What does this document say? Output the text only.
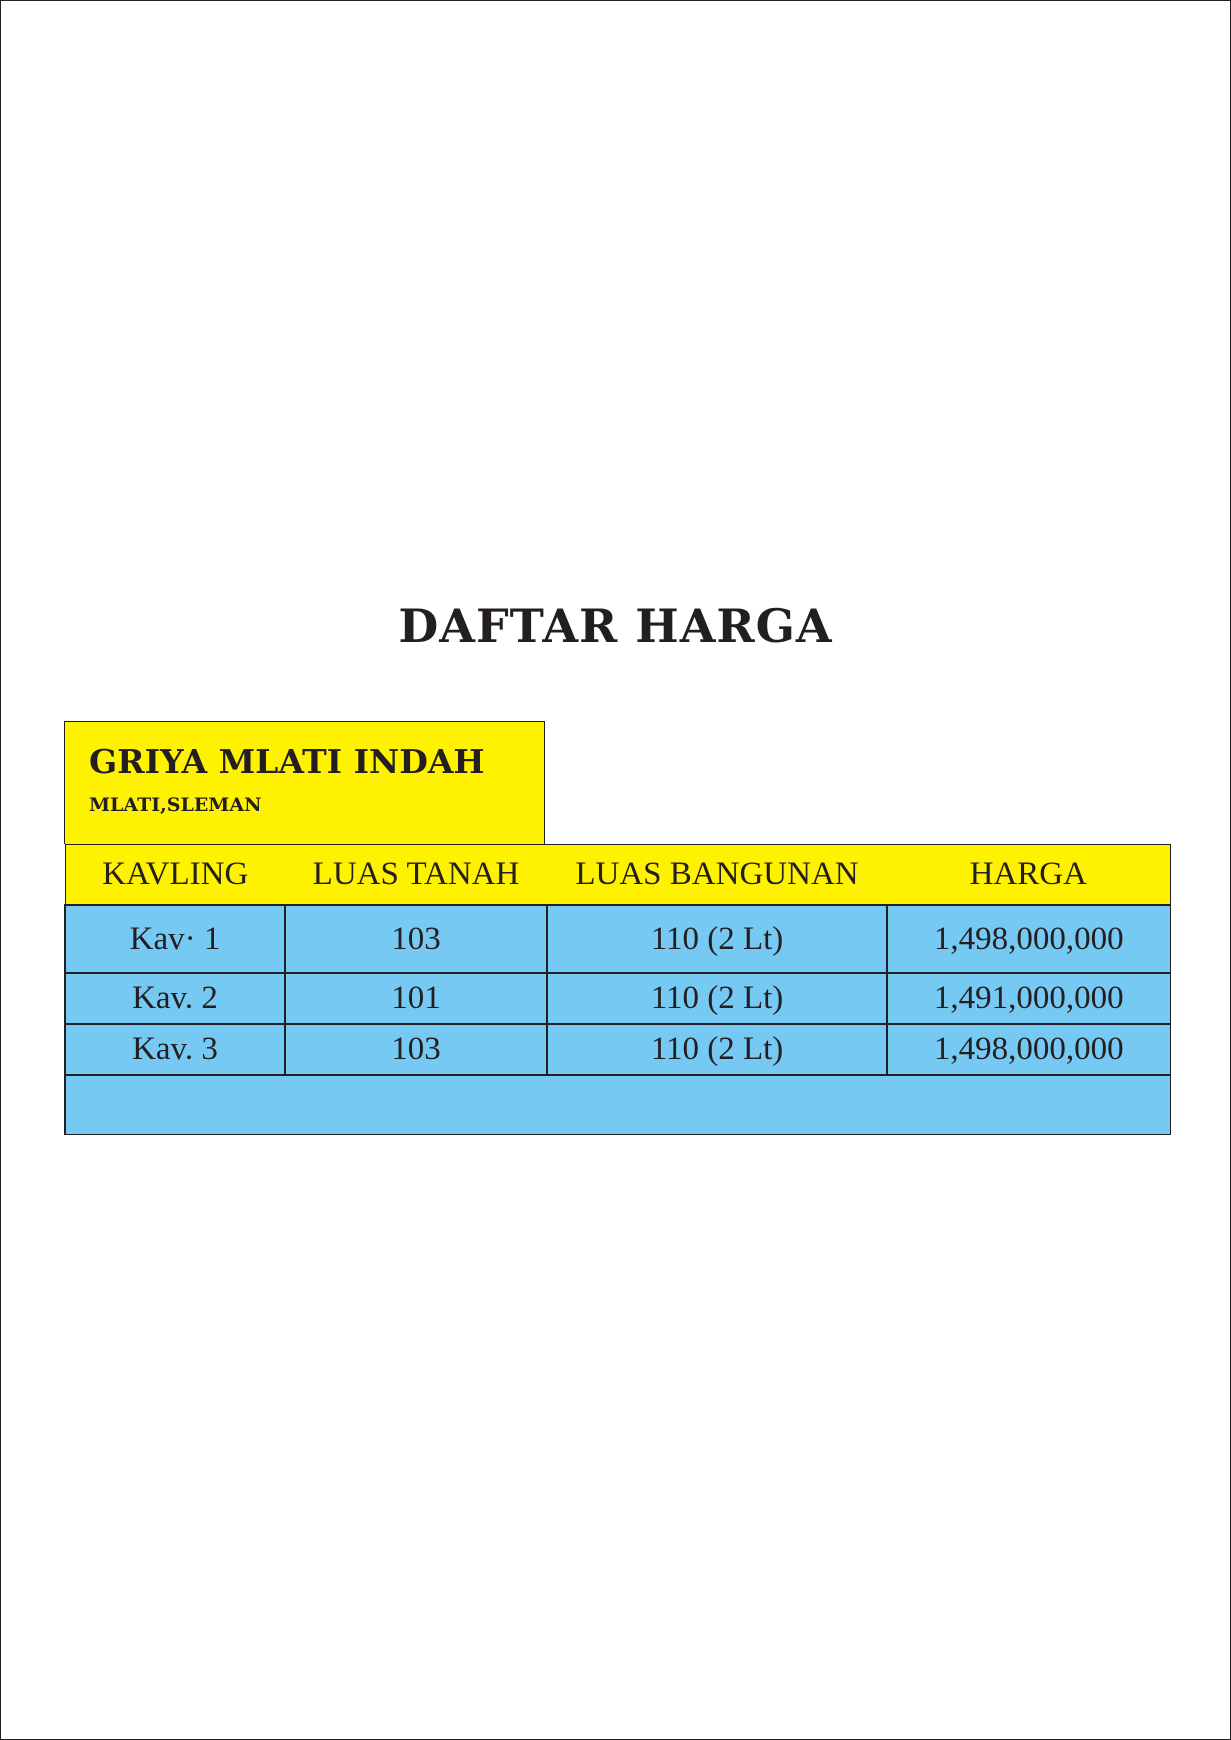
DAFTAR HARGA
GRIYA MLATI INDAH
MLATI,SLEMAN
KAVLING	LUAS TANAH	LUAS BANGUNAN	HARGA
Kav· 1	103	110 (2 Lt)	1,498,000,000
Kav. 2	101	110 (2 Lt)	1,491,000,000
Kav. 3	103	110 (2 Lt)	1,498,000,000
